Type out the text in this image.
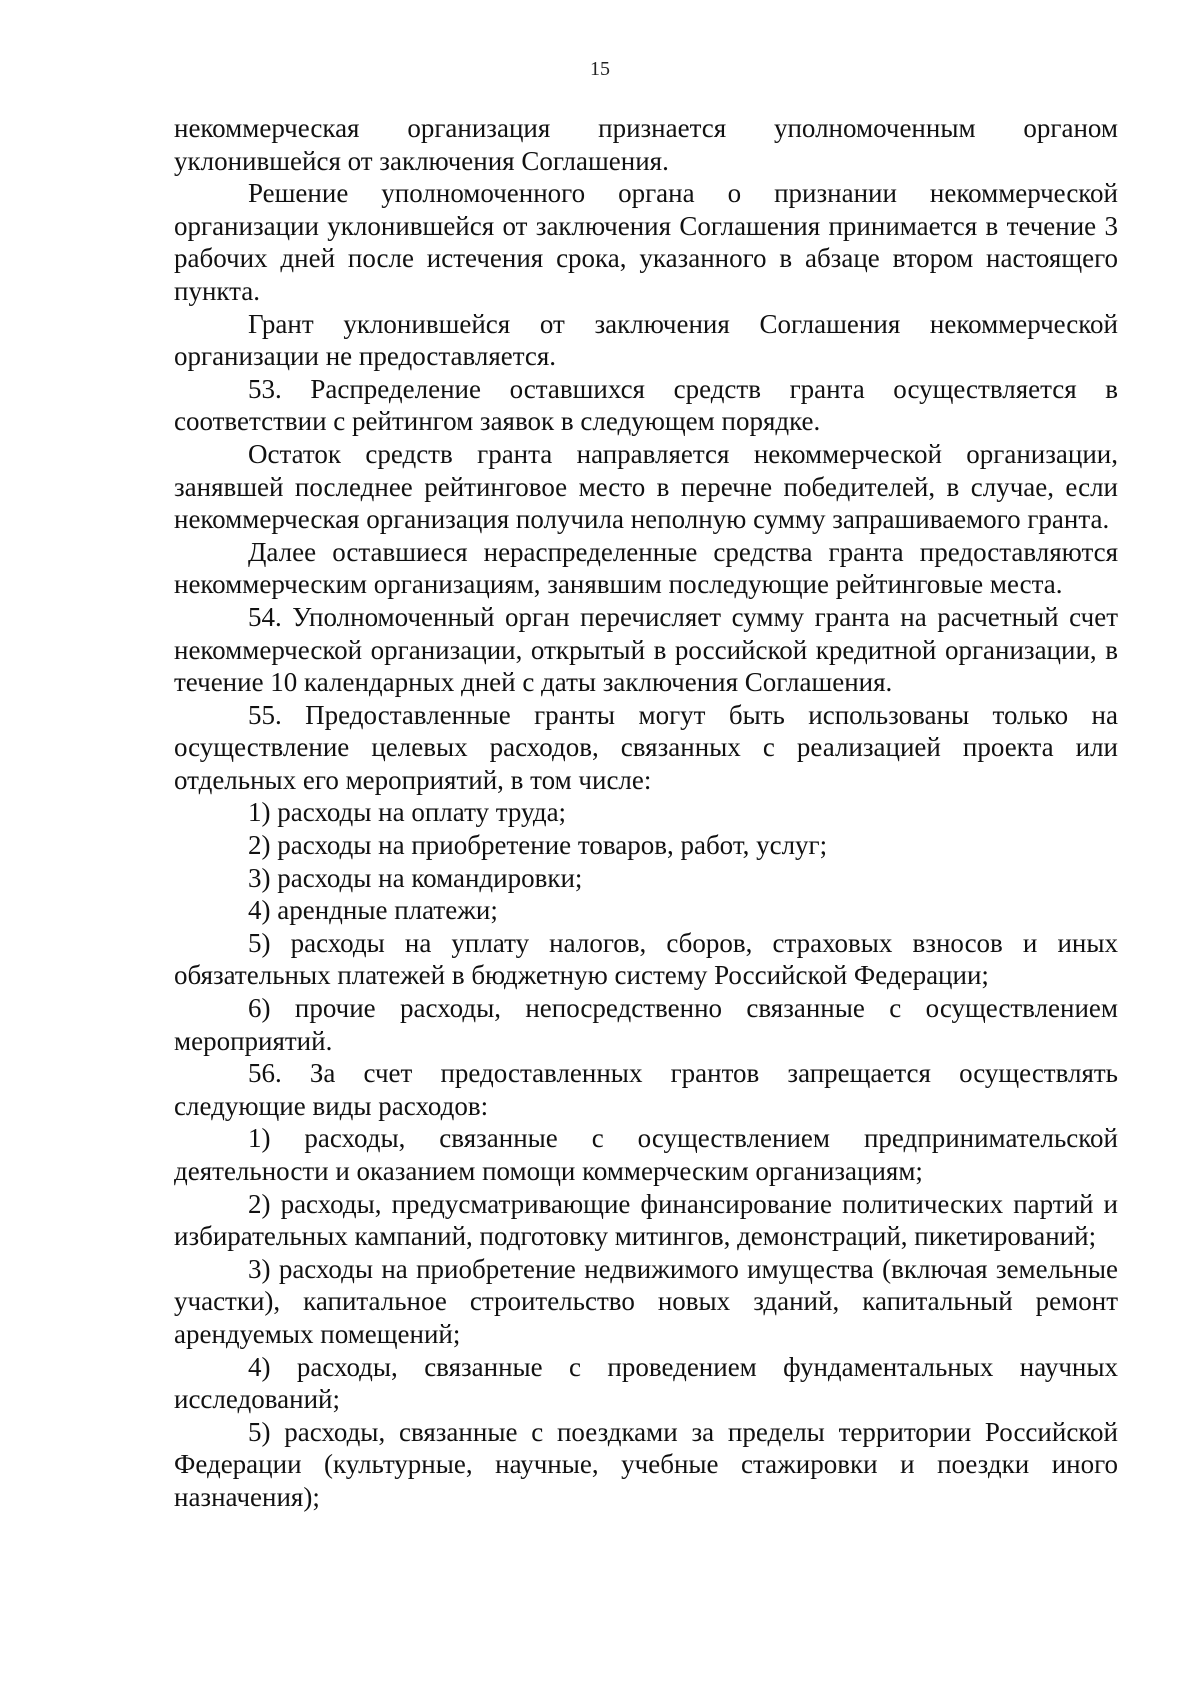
15

некоммерческая организация признается уполномоченным органом уклонившейся от заключения Соглашения.

Решение уполномоченного органа о признании некоммерческой организации уклонившейся от заключения Соглашения принимается в течение 3 рабочих дней после истечения срока, указанного в абзаце втором настоящего пункта.

Грант уклонившейся от заключения Соглашения некоммерческой организации не предоставляется.

53. Распределение оставшихся средств гранта осуществляется в соответствии с рейтингом заявок в следующем порядке.

Остаток средств гранта направляется некоммерческой организации, занявшей последнее рейтинговое место в перечне победителей, в случае, если некоммерческая организация получила неполную сумму запрашиваемого гранта.

Далее оставшиеся нераспределенные средства гранта предоставляются некоммерческим организациям, занявшим последующие рейтинговые места.

54. Уполномоченный орган перечисляет сумму гранта на расчетный счет некоммерческой организации, открытый в российской кредитной организации, в течение 10 календарных дней с даты заключения Соглашения.

55. Предоставленные гранты могут быть использованы только на осуществление целевых расходов, связанных с реализацией проекта или отдельных его мероприятий, в том числе:

1) расходы на оплату труда;

2) расходы на приобретение товаров, работ, услуг;

3) расходы на командировки;

4) арендные платежи;

5) расходы на уплату налогов, сборов, страховых взносов и иных обязательных платежей в бюджетную систему Российской Федерации;

6) прочие расходы, непосредственно связанные с осуществлением мероприятий.

56. За счет предоставленных грантов запрещается осуществлять следующие виды расходов:

1) расходы, связанные с осуществлением предпринимательской деятельности и оказанием помощи коммерческим организациям;

2) расходы, предусматривающие финансирование политических партий и избирательных кампаний, подготовку митингов, демонстраций, пикетирований;

3) расходы на приобретение недвижимого имущества (включая земельные участки), капитальное строительство новых зданий, капитальный ремонт арендуемых помещений;

4) расходы, связанные с проведением фундаментальных научных исследований;

5) расходы, связанные с поездками за пределы территории Российской Федерации (культурные, научные, учебные стажировки и поездки иного назначения);
